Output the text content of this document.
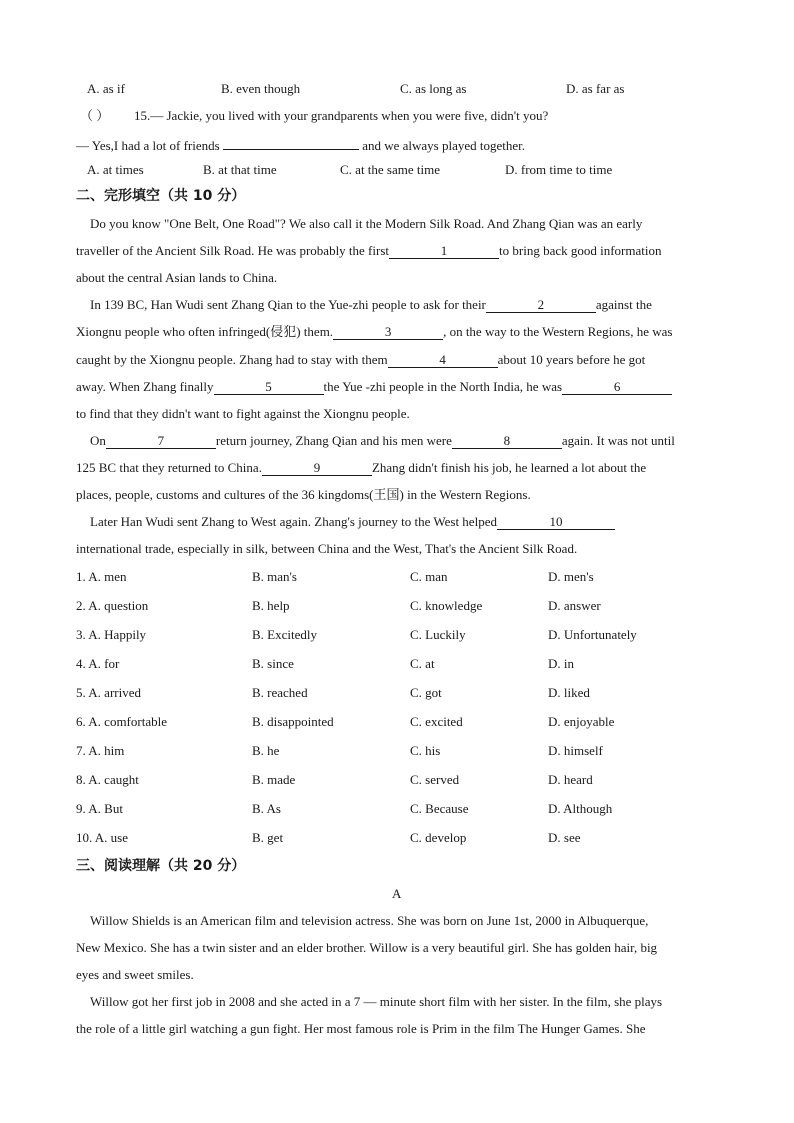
A. as if	B. even though	C. as long as	D. as far as
（ ） 15.— Jackie, you lived with your grandparents when you were five, didn't you?
— Yes,I had a lot of friends	and we always played together.
A. at times	B. at that time	C. at the same time	D. from time to time
二、完形填空（共 10 分）
Do you know "One Belt, One Road"? We also call it the Modern Silk Road. And Zhang Qian was an early
traveller of the Ancient Silk Road. He was probably the first	1	to bring back good information
about the central Asian lands to China.
In 139 BC, Han Wudi sent Zhang Qian to the Yue-zhi people to ask for their	2	against the
Xiongnu people who often infringed(侵犯) them.	3	, on the way to the Western Regions, he was
caught by the Xiongnu people. Zhang had to stay with them	4	about 10 years before he got
away. When Zhang finally	5	the Yue -zhi people in the North India, he was	6
to find that they didn't want to fight against the Xiongnu people.
On	7	return journey, Zhang Qian and his men were	8	again. It was not until
125 BC that they returned to China.	9	Zhang didn't finish his job, he learned a lot about the
places, people, customs and cultures of the 36 kingdoms(王国) in the Western Regions.
Later Han Wudi sent Zhang to West again. Zhang's journey to the West helped	10
international trade, especially in silk, between China and the West, That's the Ancient Silk Road.
1. A. men	B. man's	C. man	D. men's
2. A. question	B. help	C. knowledge	D. answer
3. A. Happily	B. Excitedly	C. Luckily	D. Unfortunately
4. A. for	B. since	C. at	D. in
5. A. arrived	B. reached	C. got	D. liked
6. A. comfortable	B. disappointed	C. excited	D. enjoyable
7. A. him	B. he	C. his	D. himself
8. A. caught	B. made	C. served	D. heard
9. A. But	B. As	C. Because	D. Although
10. A. use	B. get	C. develop	D. see
三、阅读理解（共 20 分）
A
Willow Shields is an American film and television actress. She was born on June 1st, 2000 in Albuquerque,
New Mexico. She has a twin sister and an elder brother. Willow is a very beautiful girl. She has golden hair, big
eyes and sweet smiles.
Willow got her first job in 2008 and she acted in a 7 — minute short film with her sister. In the film, she plays
the role of a little girl watching a gun fight. Her most famous role is Prim in the film The Hunger Games. She
